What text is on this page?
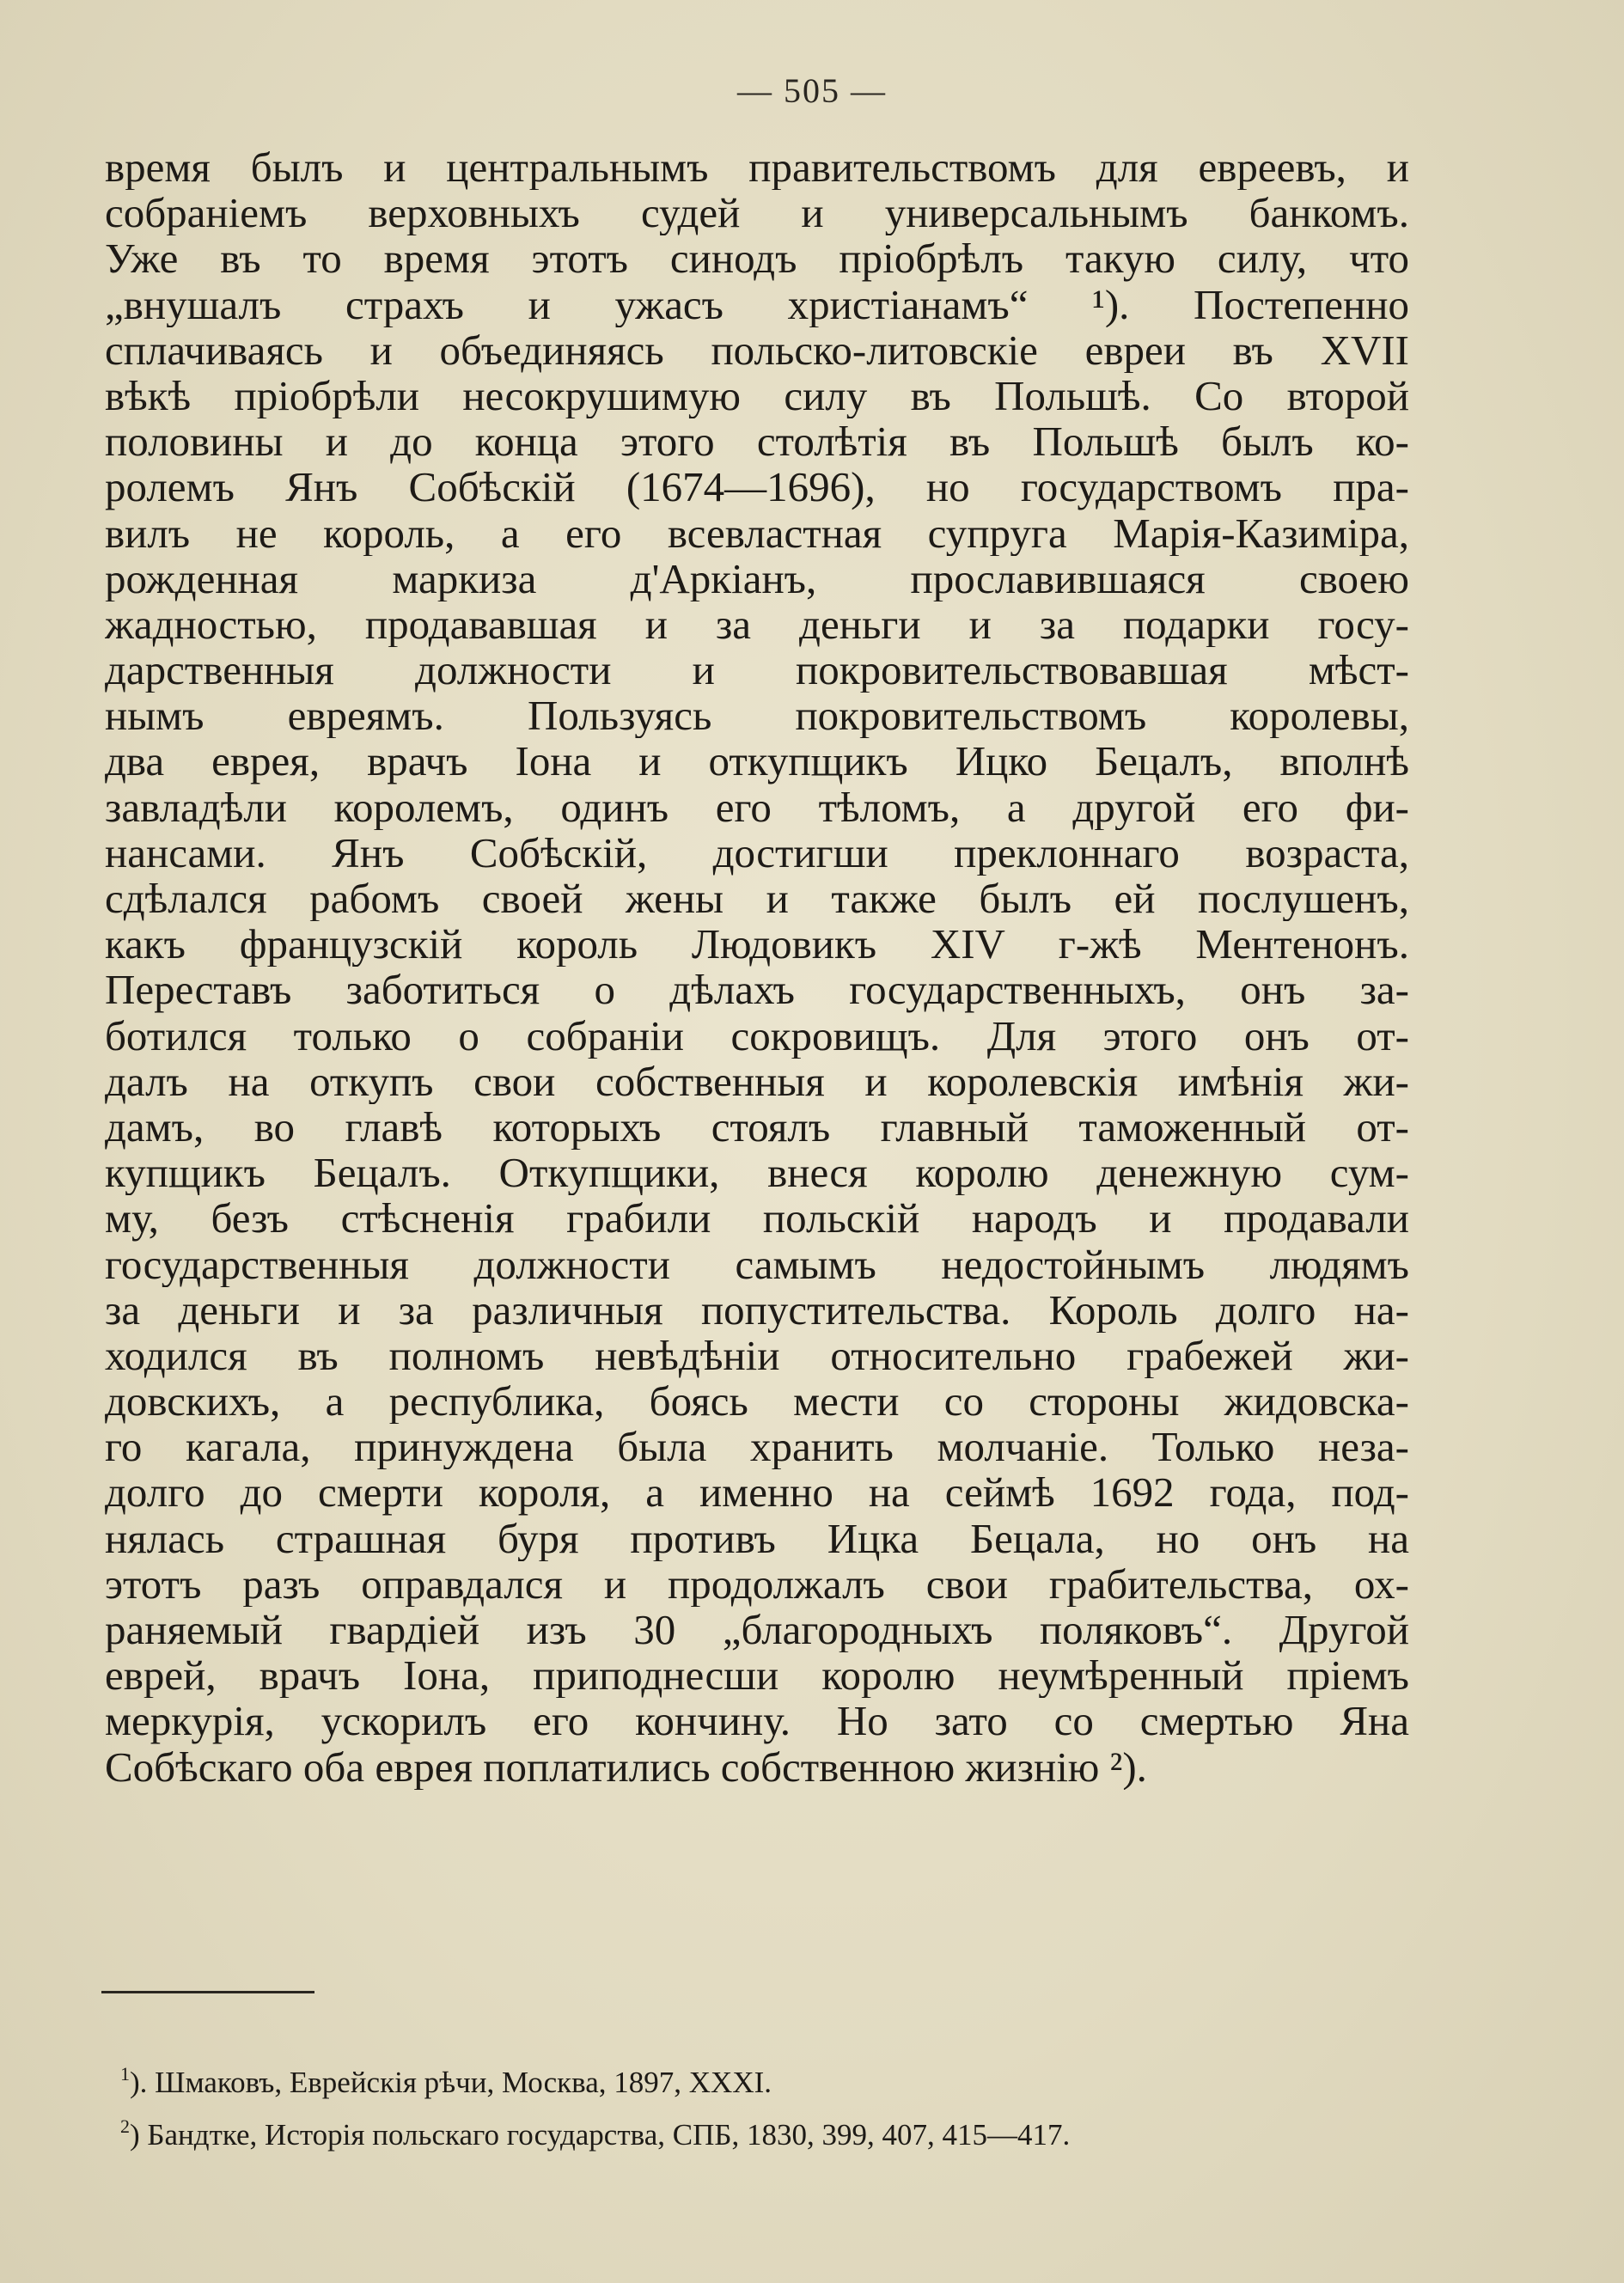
— 505 —
время былъ и центральнымъ правительствомъ для евреевъ, и
собраніемъ верховныхъ судей и универсальнымъ банкомъ.
Уже въ то время этотъ синодъ пріобрѣлъ такую силу, что
„внушалъ страхъ и ужасъ христіанамъ“ ¹). Постепенно
сплачиваясь и объединяясь польско-литовскіе евреи въ XVII
вѣкѣ пріобрѣли несокрушимую силу въ Польшѣ. Со второй
половины и до конца этого столѣтія въ Польшѣ былъ ко-
ролемъ Янъ Собѣскій (1674—1696), но государствомъ пра-
вилъ не король, а его всевластная супруга Марія-Казиміра,
рожденная маркиза д'Аркіанъ, прославившаяся своею
жадностью, продававшая и за деньги и за подарки госу-
дарственныя должности и покровительствовавшая мѣст-
нымъ евреямъ. Пользуясь покровительствомъ королевы,
два еврея, врачъ Іона и откупщикъ Ицко Бецалъ, вполнѣ
завладѣли королемъ, одинъ его тѣломъ, а другой его фи-
нансами. Янъ Собѣскій, достигши преклоннаго возраста,
сдѣлался рабомъ своей жены и также былъ ей послушенъ,
какъ французскій король Людовикъ XIV г-жѣ Ментенонъ.
Переставъ заботиться о дѣлахъ государственныхъ, онъ за-
ботился только о собраніи сокровищъ. Для этого онъ от-
далъ на откупъ свои собственныя и королевскія имѣнія жи-
дамъ, во главѣ которыхъ стоялъ главный таможенный от-
купщикъ Бецалъ. Откупщики, внеся королю денежную сум-
му, безъ стѣсненія грабили польскій народъ и продавали
государственныя должности самымъ недостойнымъ людямъ
за деньги и за различныя попустительства. Король долго на-
ходился въ полномъ невѣдѣніи относительно грабежей жи-
довскихъ, а республика, боясь мести со стороны жидовска-
го кагала, принуждена была хранить молчаніе. Только неза-
долго до смерти короля, а именно на сеймѣ 1692 года, под-
нялась страшная буря противъ Ицка Бецала, но онъ на
этотъ разъ оправдался и продолжалъ свои грабительства, ох-
раняемый гвардіей изъ 30 „благородныхъ поляковъ“. Другой
еврей, врачъ Іона, приподнесши королю неумѣренный пріемъ
меркурія, ускорилъ его кончину. Но зато со смертью Яна
Собѣскаго оба еврея поплатились собственною жизнію ²).
$^1$). Шмаковъ, Еврейскія рѣчи, Москва, 1897, XXXI.
$^2$) Бандтке, Исторія польскаго государства, СПБ, 1830, 399, 407, 415—417.
